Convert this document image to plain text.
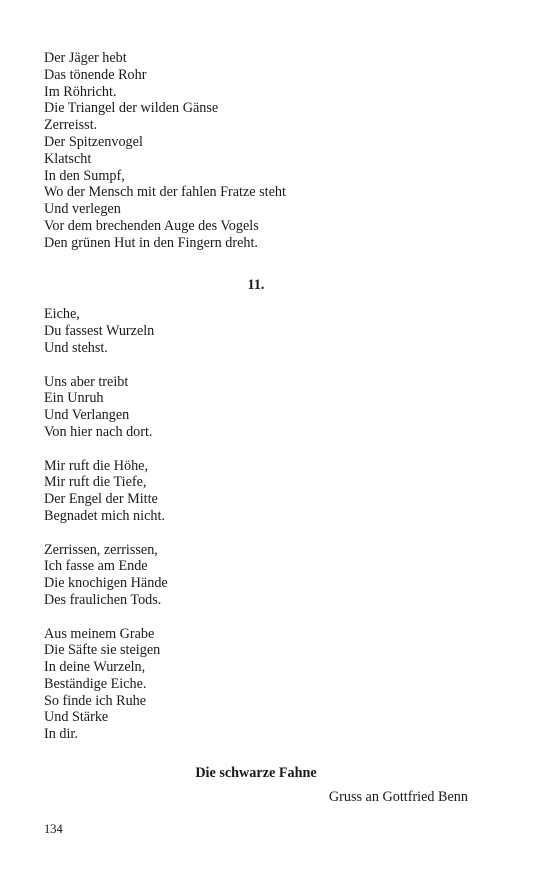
Der Jäger hebt
Das tönende Rohr
Im Röhricht.
Die Triangel der wilden Gänse
Zerreisst.
Der Spitzenvogel
Klatscht
In den Sumpf,
Wo der Mensch mit der fahlen Fratze steht
Und verlegen
Vor dem brechenden Auge des Vogels
Den grünen Hut in den Fingern dreht.
11.
Eiche,
Du fassest Wurzeln
Und stehst.
Uns aber treibt
Ein Unruh
Und Verlangen
Von hier nach dort.
Mir ruft die Höhe,
Mir ruft die Tiefe,
Der Engel der Mitte
Begnadet mich nicht.
Zerrissen, zerrissen,
Ich fasse am Ende
Die knochigen Hände
Des fraulichen Tods.
Aus meinem Grabe
Die Säfte sie steigen
In deine Wurzeln,
Beständige Eiche.
So finde ich Ruhe
Und Stärke
In dir.
Die schwarze Fahne
Gruss an Gottfried Benn
134
